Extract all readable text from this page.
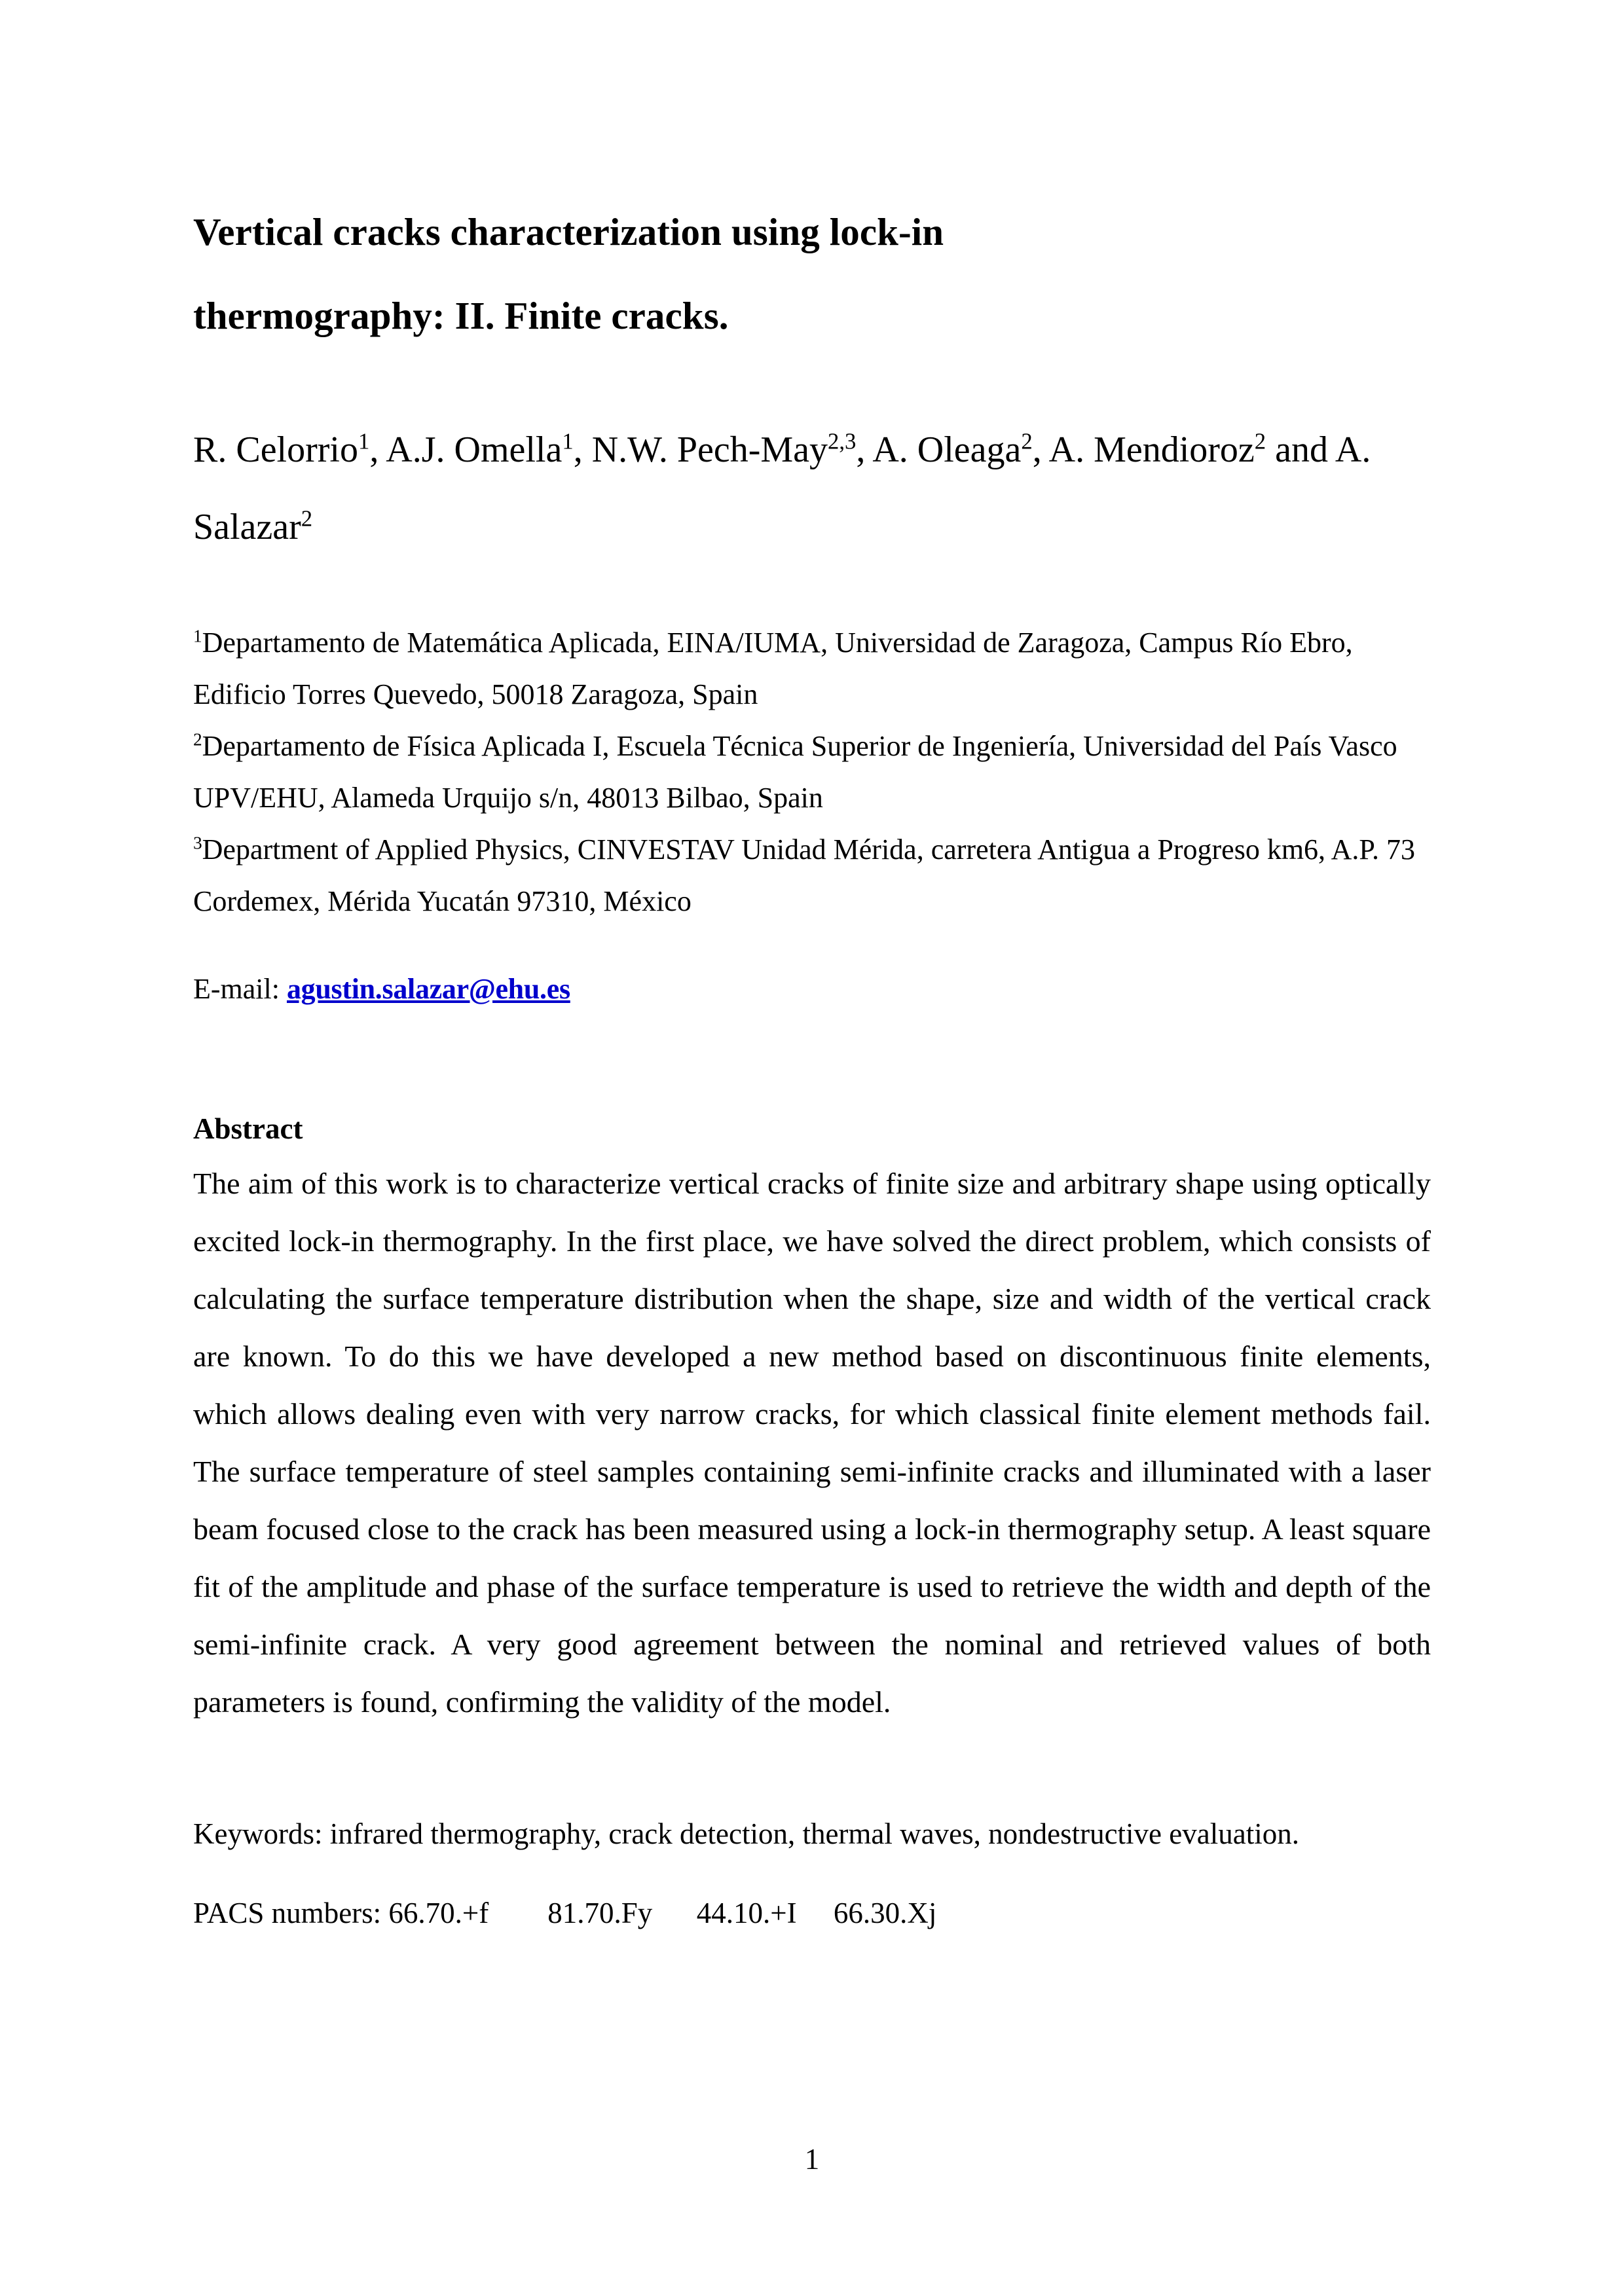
Vertical cracks characterization using lock-in
thermography: II. Finite cracks.

R. Celorrio$^1$, A.J. Omella$^1$, N.W. Pech-May$^{2,3}$, A. Oleaga$^2$, A. Mendioroz$^2$ and A. Salazar$^2$

$^1$Departamento de Matemática Aplicada, EINA/IUMA, Universidad de Zaragoza, Campus Río Ebro, Edificio Torres Quevedo, 50018 Zaragoza, Spain

$^2$Departamento de Física Aplicada I, Escuela Técnica Superior de Ingeniería, Universidad del País Vasco UPV/EHU, Alameda Urquijo s/n, 48013 Bilbao, Spain

$^3$Department of Applied Physics, CINVESTAV Unidad Mérida, carretera Antigua a Progreso km6, A.P. 73 Cordemex, Mérida Yucatán 97310, México

E-mail: agustin.salazar@ehu.es

Abstract

The aim of this work is to characterize vertical cracks of finite size and arbitrary shape using optically excited lock-in thermography. In the first place, we have solved the direct problem, which consists of calculating the surface temperature distribution when the shape, size and width of the vertical crack are known. To do this we have developed a new method based on discontinuous finite elements, which allows dealing even with very narrow cracks, for which classical finite element methods fail. The surface temperature of steel samples containing semi-infinite cracks and illuminated with a laser beam focused close to the crack has been measured using a lock-in thermography setup. A least square fit of the amplitude and phase of the surface temperature is used to retrieve the width and depth of the semi-infinite crack. A very good agreement between the nominal and retrieved values of both parameters is found, confirming the validity of the model.

Keywords: infrared thermography, crack detection, thermal waves, nondestructive evaluation.

PACS numbers: 66.70.+f        81.70.Fy      44.10.+I     66.30.Xj

1
